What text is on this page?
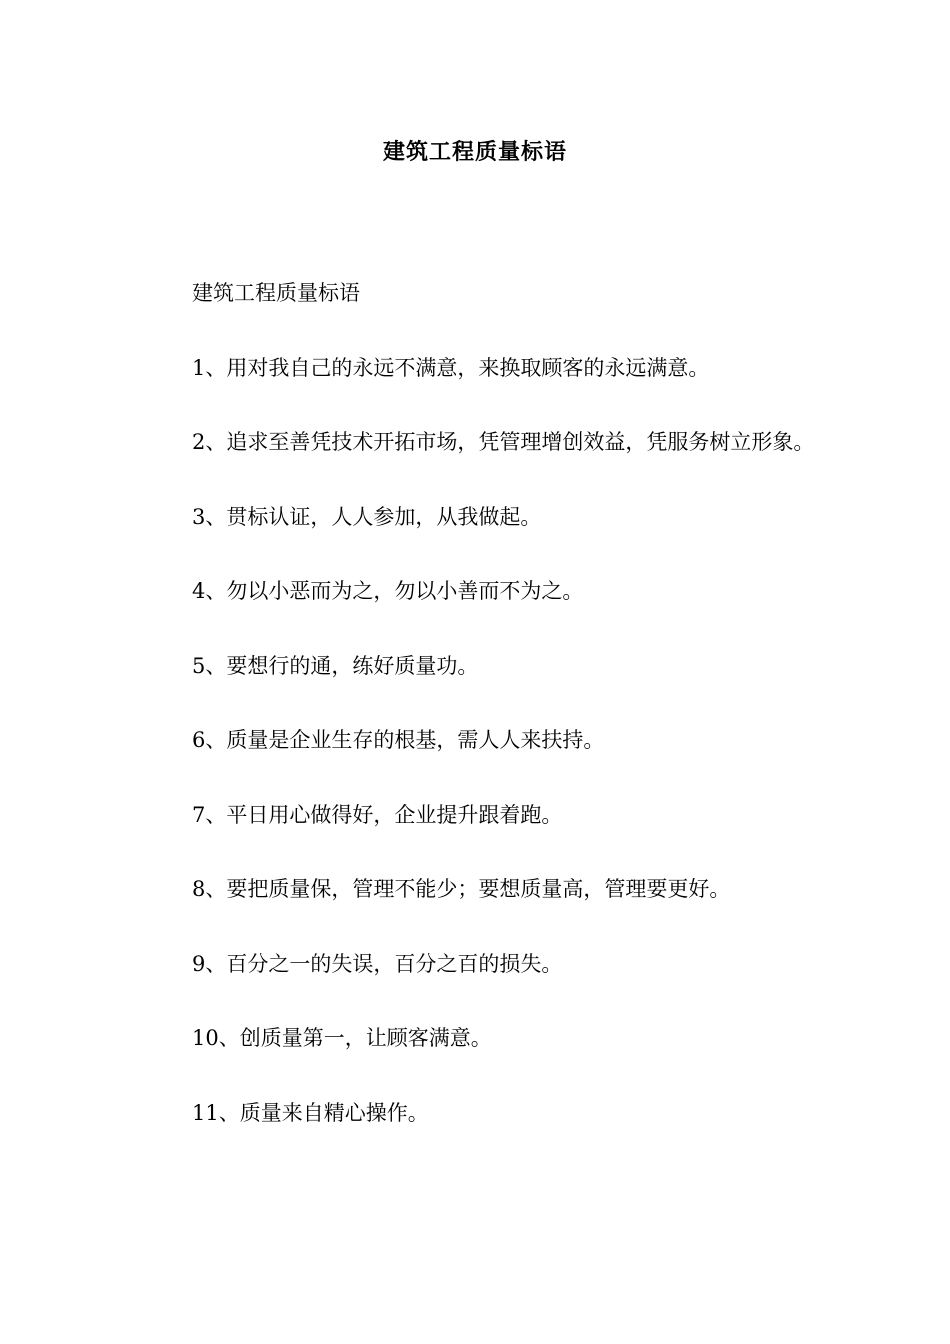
建筑工程质量标语

建筑工程质量标语

1、用对我自己的永远不满意，来换取顾客的永远满意。

2、追求至善凭技术开拓市场，凭管理增创效益，凭服务树立形象。

3、贯标认证，人人参加，从我做起。

4、勿以小恶而为之，勿以小善而不为之。

5、要想行的通，练好质量功。

6、质量是企业生存的根基，需人人来扶持。

7、平日用心做得好，企业提升跟着跑。

8、要把质量保，管理不能少；要想质量高，管理要更好。

9、百分之一的失误，百分之百的损失。

10、创质量第一，让顾客满意。

11、质量来自精心操作。
